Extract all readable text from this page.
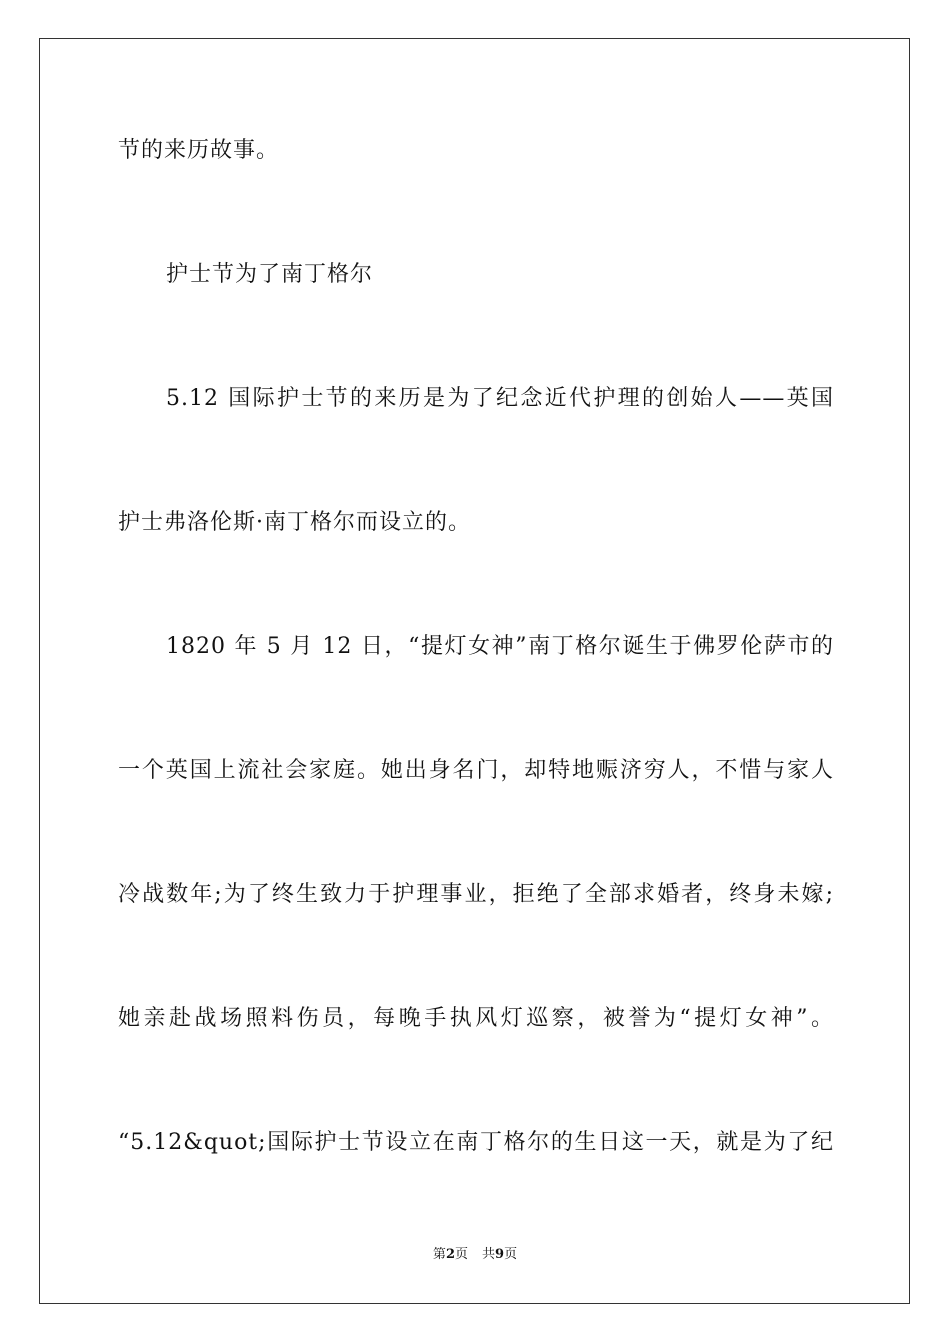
节的来历故事。
护士节为了南丁格尔
5.12 国际护士节的来历是为了纪念近代护理的创始人——英国
护士弗洛伦斯·南丁格尔而设立的。
1820 年 5 月 12 日，“提灯女神”南丁格尔诞生于佛罗伦萨市的
一个英国上流社会家庭。她出身名门，却特地赈济穷人，不惜与家人
冷战数年;为了终生致力于护理事业，拒绝了全部求婚者，终身未嫁;
她亲赴战场照料伤员，每晚手执风灯巡察，被誉为“提灯女神”。
“5.12&quot;国际护士节设立在南丁格尔的生日这一天，就是为了纪
第2页 共9页
